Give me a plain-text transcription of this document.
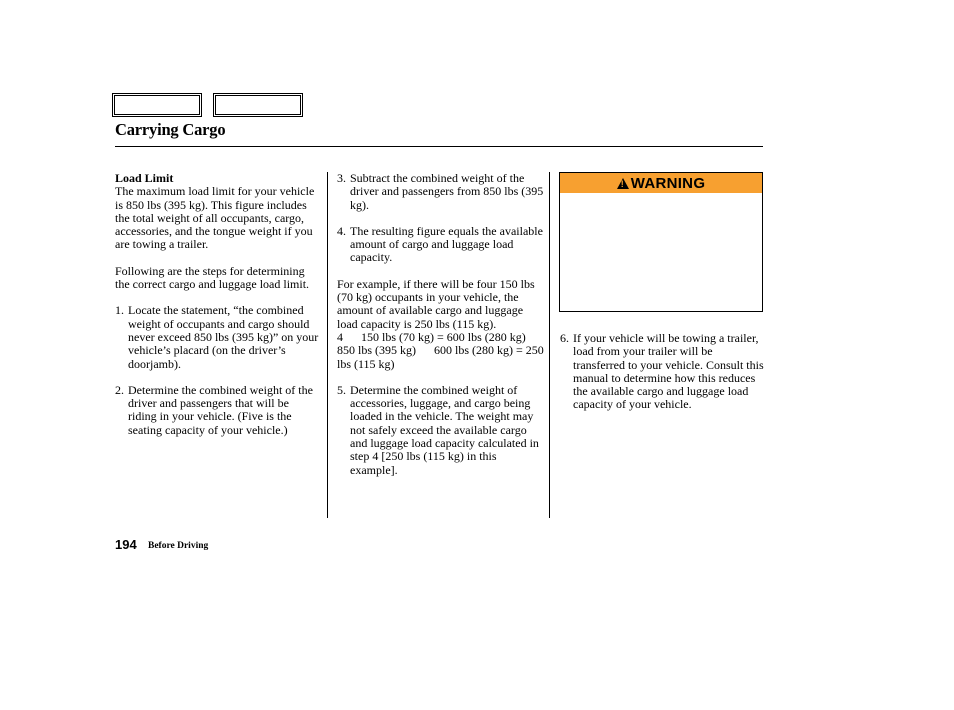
Carrying Cargo
Load Limit

The maximum load limit for your vehicle is 850 lbs (395 kg). This figure includes the total weight of all occupants, cargo, accessories, and the tongue weight if you are towing a trailer.

Following are the steps for determining the correct cargo and luggage load limit.

1. Locate the statement, “the combined weight of occupants and cargo should never exceed 850 lbs (395 kg)” on your vehicle’s placard (on the driver’s doorjamb).
2. Determine the combined weight of the driver and passengers that will be riding in your vehicle. (Five is the seating capacity of your vehicle.)
3. Subtract the combined weight of the driver and passengers from 850 lbs (395 kg).
4. The resulting figure equals the available amount of cargo and luggage load capacity.
For example, if there will be four 150 lbs (70 kg) occupants in your vehicle, the amount of available cargo and luggage load capacity is 250 lbs (115 kg).
4      150 lbs (70 kg) = 600 lbs (280 kg)

850 lbs (395 kg)      600 lbs (280 kg) = 250 lbs (115 kg)

5. Determine the combined weight of accessories, luggage, and cargo being loaded in the vehicle. The weight may not safely exceed the available cargo and luggage load capacity calculated in step 4 [250 lbs (115 kg) in this example].
!
WARNING
6. If your vehicle will be towing a trailer, load from your trailer will be transferred to your vehicle. Consult this manual to determine how this reduces the available cargo and luggage load capacity of your vehicle.
194 Before Driving
